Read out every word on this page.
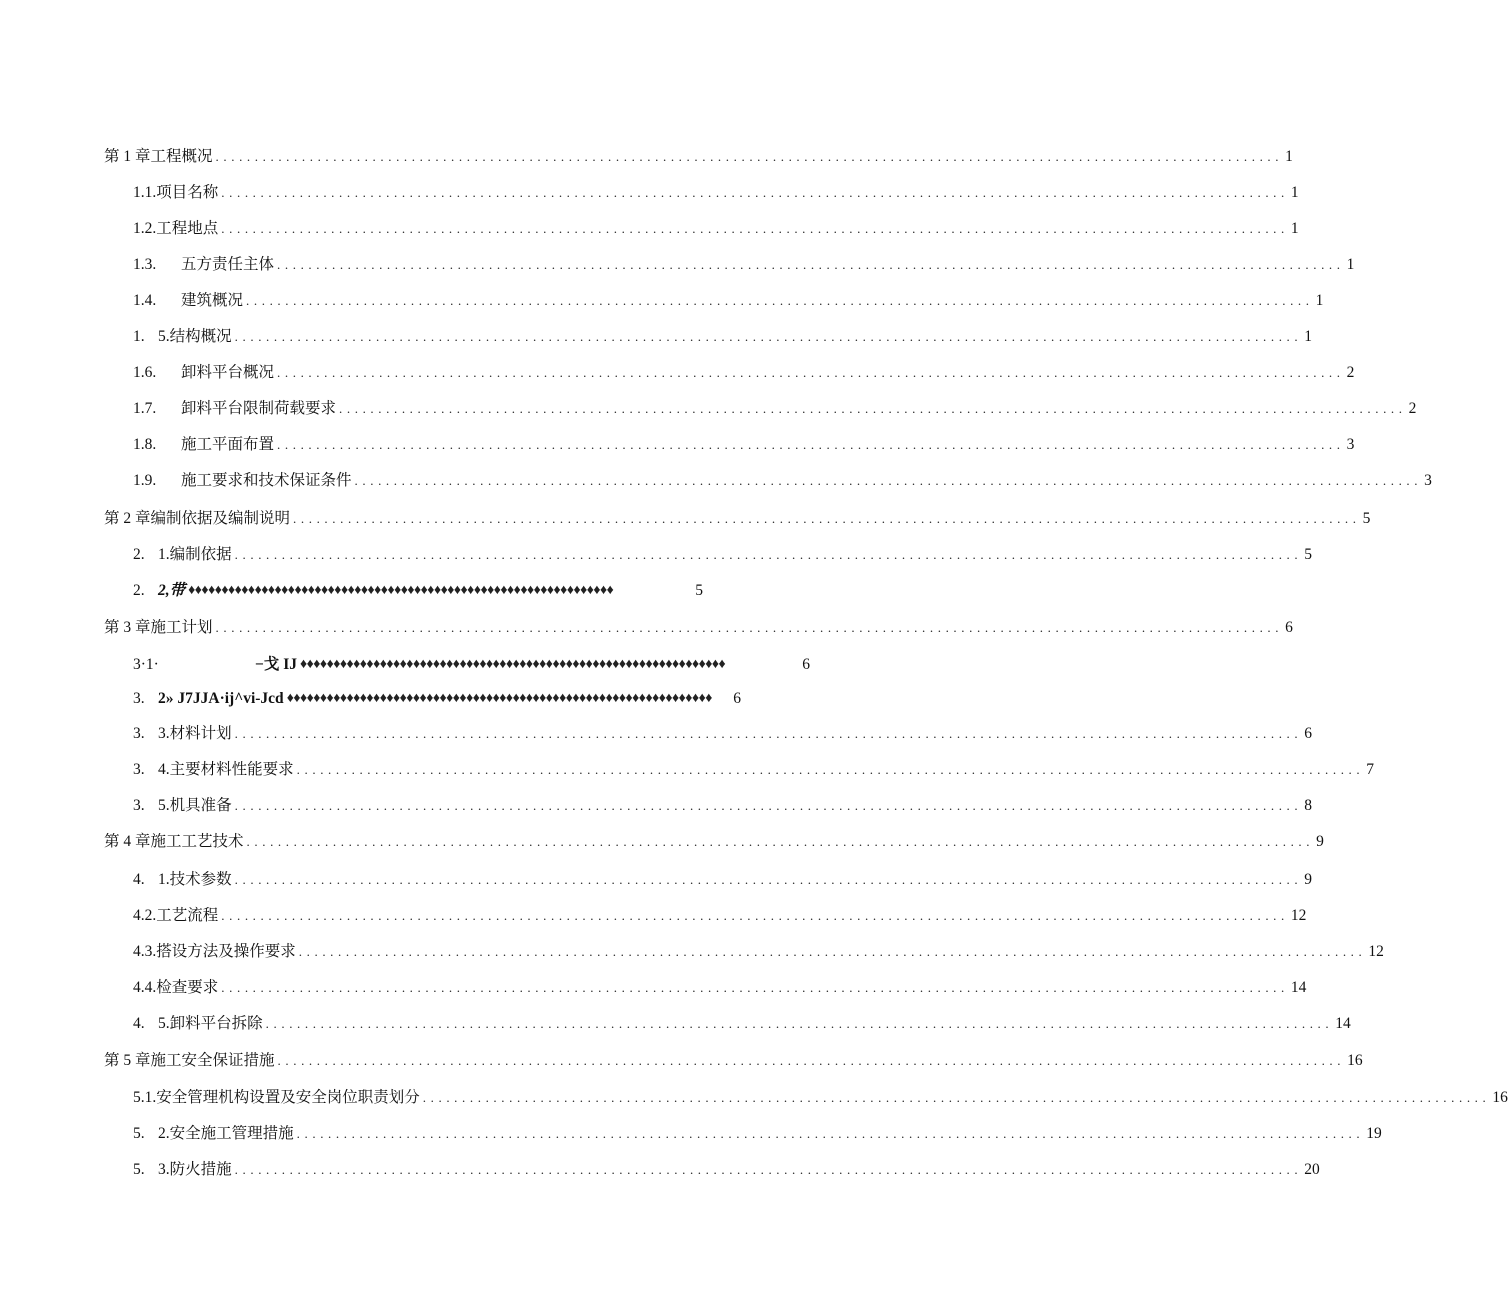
第 1 章工程概况 ........................................................................................................................................ 1
1.1.项目名称 ........................................................................................................................................ 1
1.2.工程地点 ........................................................................................................................................ 1
1.3. 五方责任主体 ........................................................................................................................................ 1
1.4. 建筑概况 ........................................................................................................................................ 1
1. 5.结构概况 ........................................................................................................................................ 1
1.6. 卸料平台概况 ........................................................................................................................................ 2
1.7. 卸料平台限制荷载要求 ........................................................................................................................................ 2
1.8. 施工平面布置 ........................................................................................................................................ 3
1.9. 施工要求和技术保证条件 ........................................................................................................................................ 3
第 2 章编制依据及编制说明 ........................................................................................................................................ 5
2. 1.编制依据 ........................................................................................................................................ 5
2. 2,带 ♦♦♦♦♦♦♦♦♦♦♦♦♦♦♦♦♦♦♦♦♦♦♦♦♦♦♦♦♦♦♦♦♦♦♦♦♦♦♦♦♦♦♦♦♦♦♦♦♦♦♦♦♦♦♦♦♦♦♦♦♦♦♦♦	5
第 3 章施工计划 ........................................................................................................................................ 6
3·1·	−戈 IJ ♦♦♦♦♦♦♦♦♦♦♦♦♦♦♦♦♦♦♦♦♦♦♦♦♦♦♦♦♦♦♦♦♦♦♦♦♦♦♦♦♦♦♦♦♦♦♦♦♦♦♦♦♦♦♦♦♦♦♦♦♦♦♦♦	6
3. 2» J7JJA·ij^vi-Jcd ♦♦♦♦♦♦♦♦♦♦♦♦♦♦♦♦♦♦♦♦♦♦♦♦♦♦♦♦♦♦♦♦♦♦♦♦♦♦♦♦♦♦♦♦♦♦♦♦♦♦♦♦♦♦♦♦♦♦♦♦♦♦♦♦	6
3. 3.材料计划 ........................................................................................................................................ 6
3. 4.主要材料性能要求 ........................................................................................................................................ 7
3. 5.机具准备 ........................................................................................................................................ 8
第 4 章施工工艺技术 ........................................................................................................................................ 9
4. 1.技术参数 ........................................................................................................................................ 9
4.2.工艺流程 ........................................................................................................................................ 12
4.3.搭设方法及操作要求 ........................................................................................................................................ 12
4.4.检查要求 ........................................................................................................................................ 14
4. 5.卸料平台拆除 ........................................................................................................................................ 14
第 5 章施工安全保证措施 ........................................................................................................................................ 16
5.1.安全管理机构设置及安全岗位职责划分 ........................................................................................................................................ 16
5. 2.安全施工管理措施 ........................................................................................................................................ 19
5. 3.防火措施 ........................................................................................................................................ 20
